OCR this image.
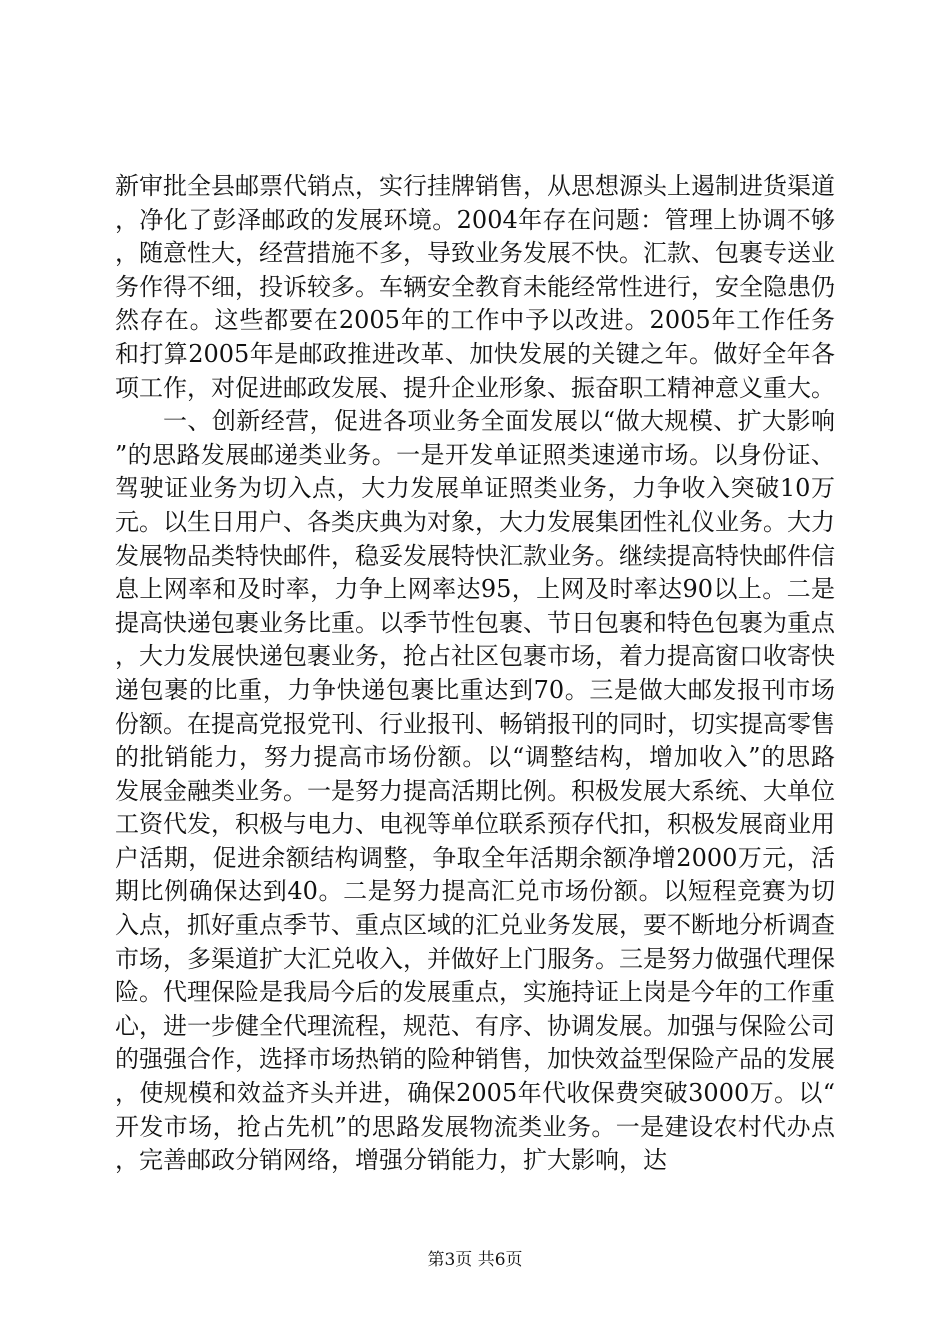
新审批全县邮票代销点，实行挂牌销售，从思想源头上遏制进货渠道，净化了彭泽邮政的发展环境。2004年存在问题：管理上协调不够，随意性大，经营措施不多，导致业务发展不快。汇款、包裹专送业务作得不细，投诉较多。车辆安全教育未能经常性进行，安全隐患仍然存在。这些都要在2005年的工作中予以改进。2005年工作任务和打算2005年是邮政推进改革、加快发展的关键之年。做好全年各项工作，对促进邮政发展、提升企业形象、振奋职工精神意义重大。

一、创新经营，促进各项业务全面发展以“做大规模、扩大影响”的思路发展邮递类业务。一是开发单证照类速递市场。以身份证、驾驶证业务为切入点，大力发展单证照类业务，力争收入突破10万元。以生日用户、各类庆典为对象，大力发展集团性礼仪业务。大力发展物品类特快邮件，稳妥发展特快汇款业务。继续提高特快邮件信息上网率和及时率，力争上网率达95，上网及时率达90以上。二是提高快递包裹业务比重。以季节性包裹、节日包裹和特色包裹为重点，大力发展快递包裹业务，抢占社区包裹市场，着力提高窗口收寄快递包裹的比重，力争快递包裹比重达到70。三是做大邮发报刊市场份额。在提高党报党刊、行业报刊、畅销报刊的同时，切实提高零售的批销能力，努力提高市场份额。以“调整结构，增加收入”的思路发展金融类业务。一是努力提高活期比例。积极发展大系统、大单位工资代发，积极与电力、电视等单位联系预存代扣，积极发展商业用户活期，促进余额结构调整，争取全年活期余额净增2000万元，活期比例确保达到40。二是努力提高汇兑市场份额。以短程竞赛为切入点，抓好重点季节、重点区域的汇兑业务发展，要不断地分析调查市场，多渠道扩大汇兑收入，并做好上门服务。三是努力做强代理保险。代理保险是我局今后的发展重点，实施持证上岗是今年的工作重心，进一步健全代理流程，规范、有序、协调发展。加强与保险公司的强强合作，选择市场热销的险种销售，加快效益型保险产品的发展，使规模和效益齐头并进，确保2005年代收保费突破3000万。以“开发市场，抢占先机”的思路发展物流类业务。一是建设农村代办点，完善邮政分销网络，增强分销能力，扩大影响，达

第3页 共6页
